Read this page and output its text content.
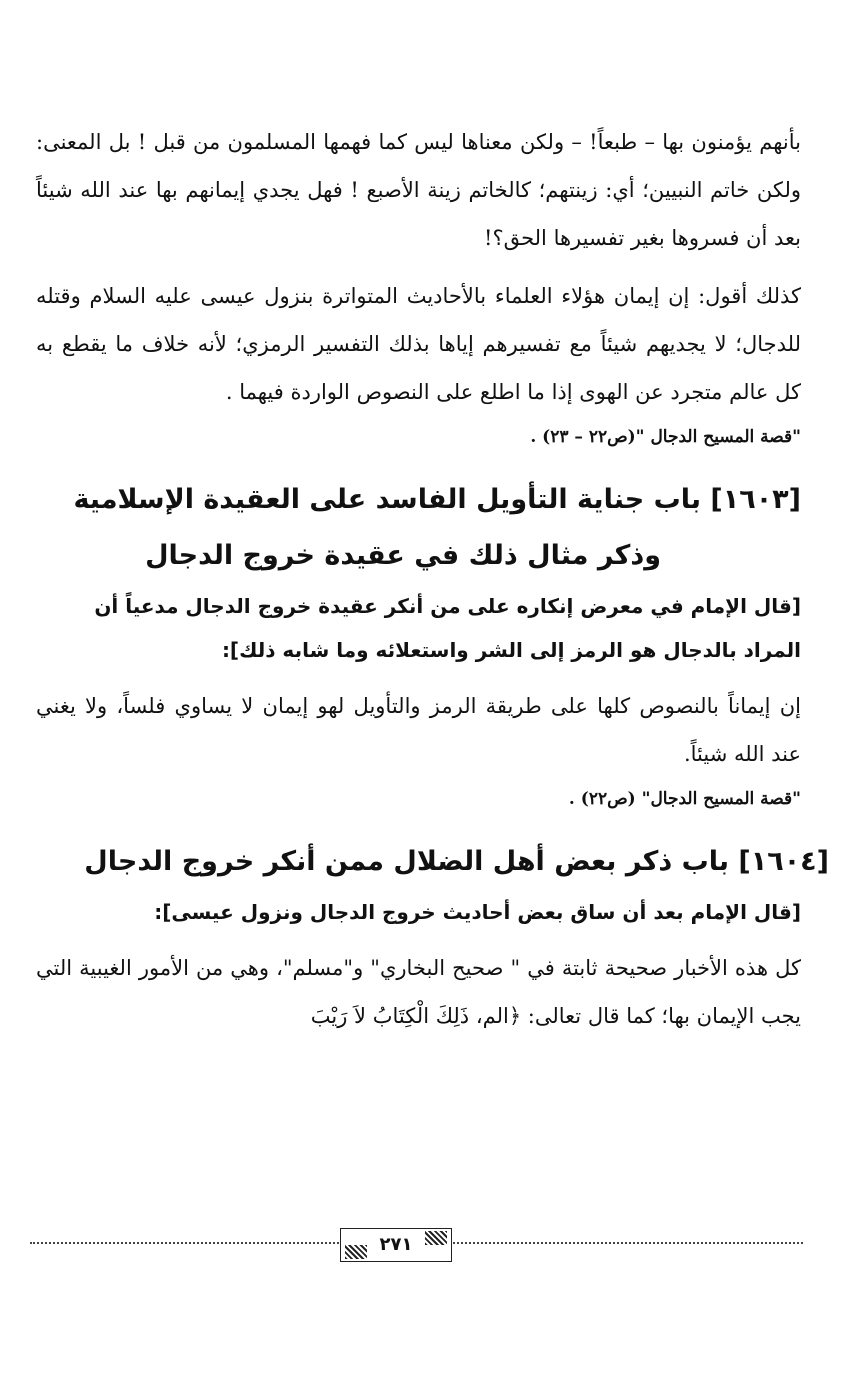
بأنهم يؤمنون بها – طبعاً! – ولكن معناها ليس كما فهمها المسلمون من قبل ! بل المعنى: ولكن خاتم النبيين؛ أي: زينتهم؛ كالخاتم زينة الأصبع ! فهل يجدي إيمانهم بها عند الله شيئاً بعد أن فسروها بغير تفسيرها الحق؟!

كذلك أقول: إن إيمان هؤلاء العلماء بالأحاديث المتواترة بنزول عيسى عليه السلام وقتله للدجال؛ لا يجديهم شيئاً مع تفسيرهم إياها بذلك التفسير الرمزي؛ لأنه خلاف ما يقطع به كل عالم متجرد عن الهوى إذا ما اطلع على النصوص الواردة فيهما .

"قصة المسيح الدجال "(ص٢٢ – ٢٣) .

[١٦٠٣] باب جناية التأويل الفاسد على العقيدة الإسلامية
وذكر مثال ذلك في عقيدة خروج الدجال

[قال الإمام في معرض إنكاره على من أنكر عقيدة خروج الدجال مدعياً أن المراد بالدجال هو الرمز إلى الشر واستعلائه وما شابه ذلك]:

إن إيماناً بالنصوص كلها على طريقة الرمز والتأويل لهو إيمان لا يساوي فلساً، ولا يغني عند الله شيئاً.

"قصة المسيح الدجال" (ص٢٢) .

[١٦٠٤] باب ذكر بعض أهل الضلال ممن أنكر خروج الدجال

[قال الإمام بعد أن ساق بعض أحاديث خروج الدجال ونزول عيسى]:

كل هذه الأخبار صحيحة ثابتة في " صحيح البخاري" و"مسلم"، وهي من الأمور الغيبية التي يجب الإيمان بها؛ كما قال تعالى: ﴿الم، ذَلِكَ الْكِتَابُ لاَ رَيْبَ

٢٧١
